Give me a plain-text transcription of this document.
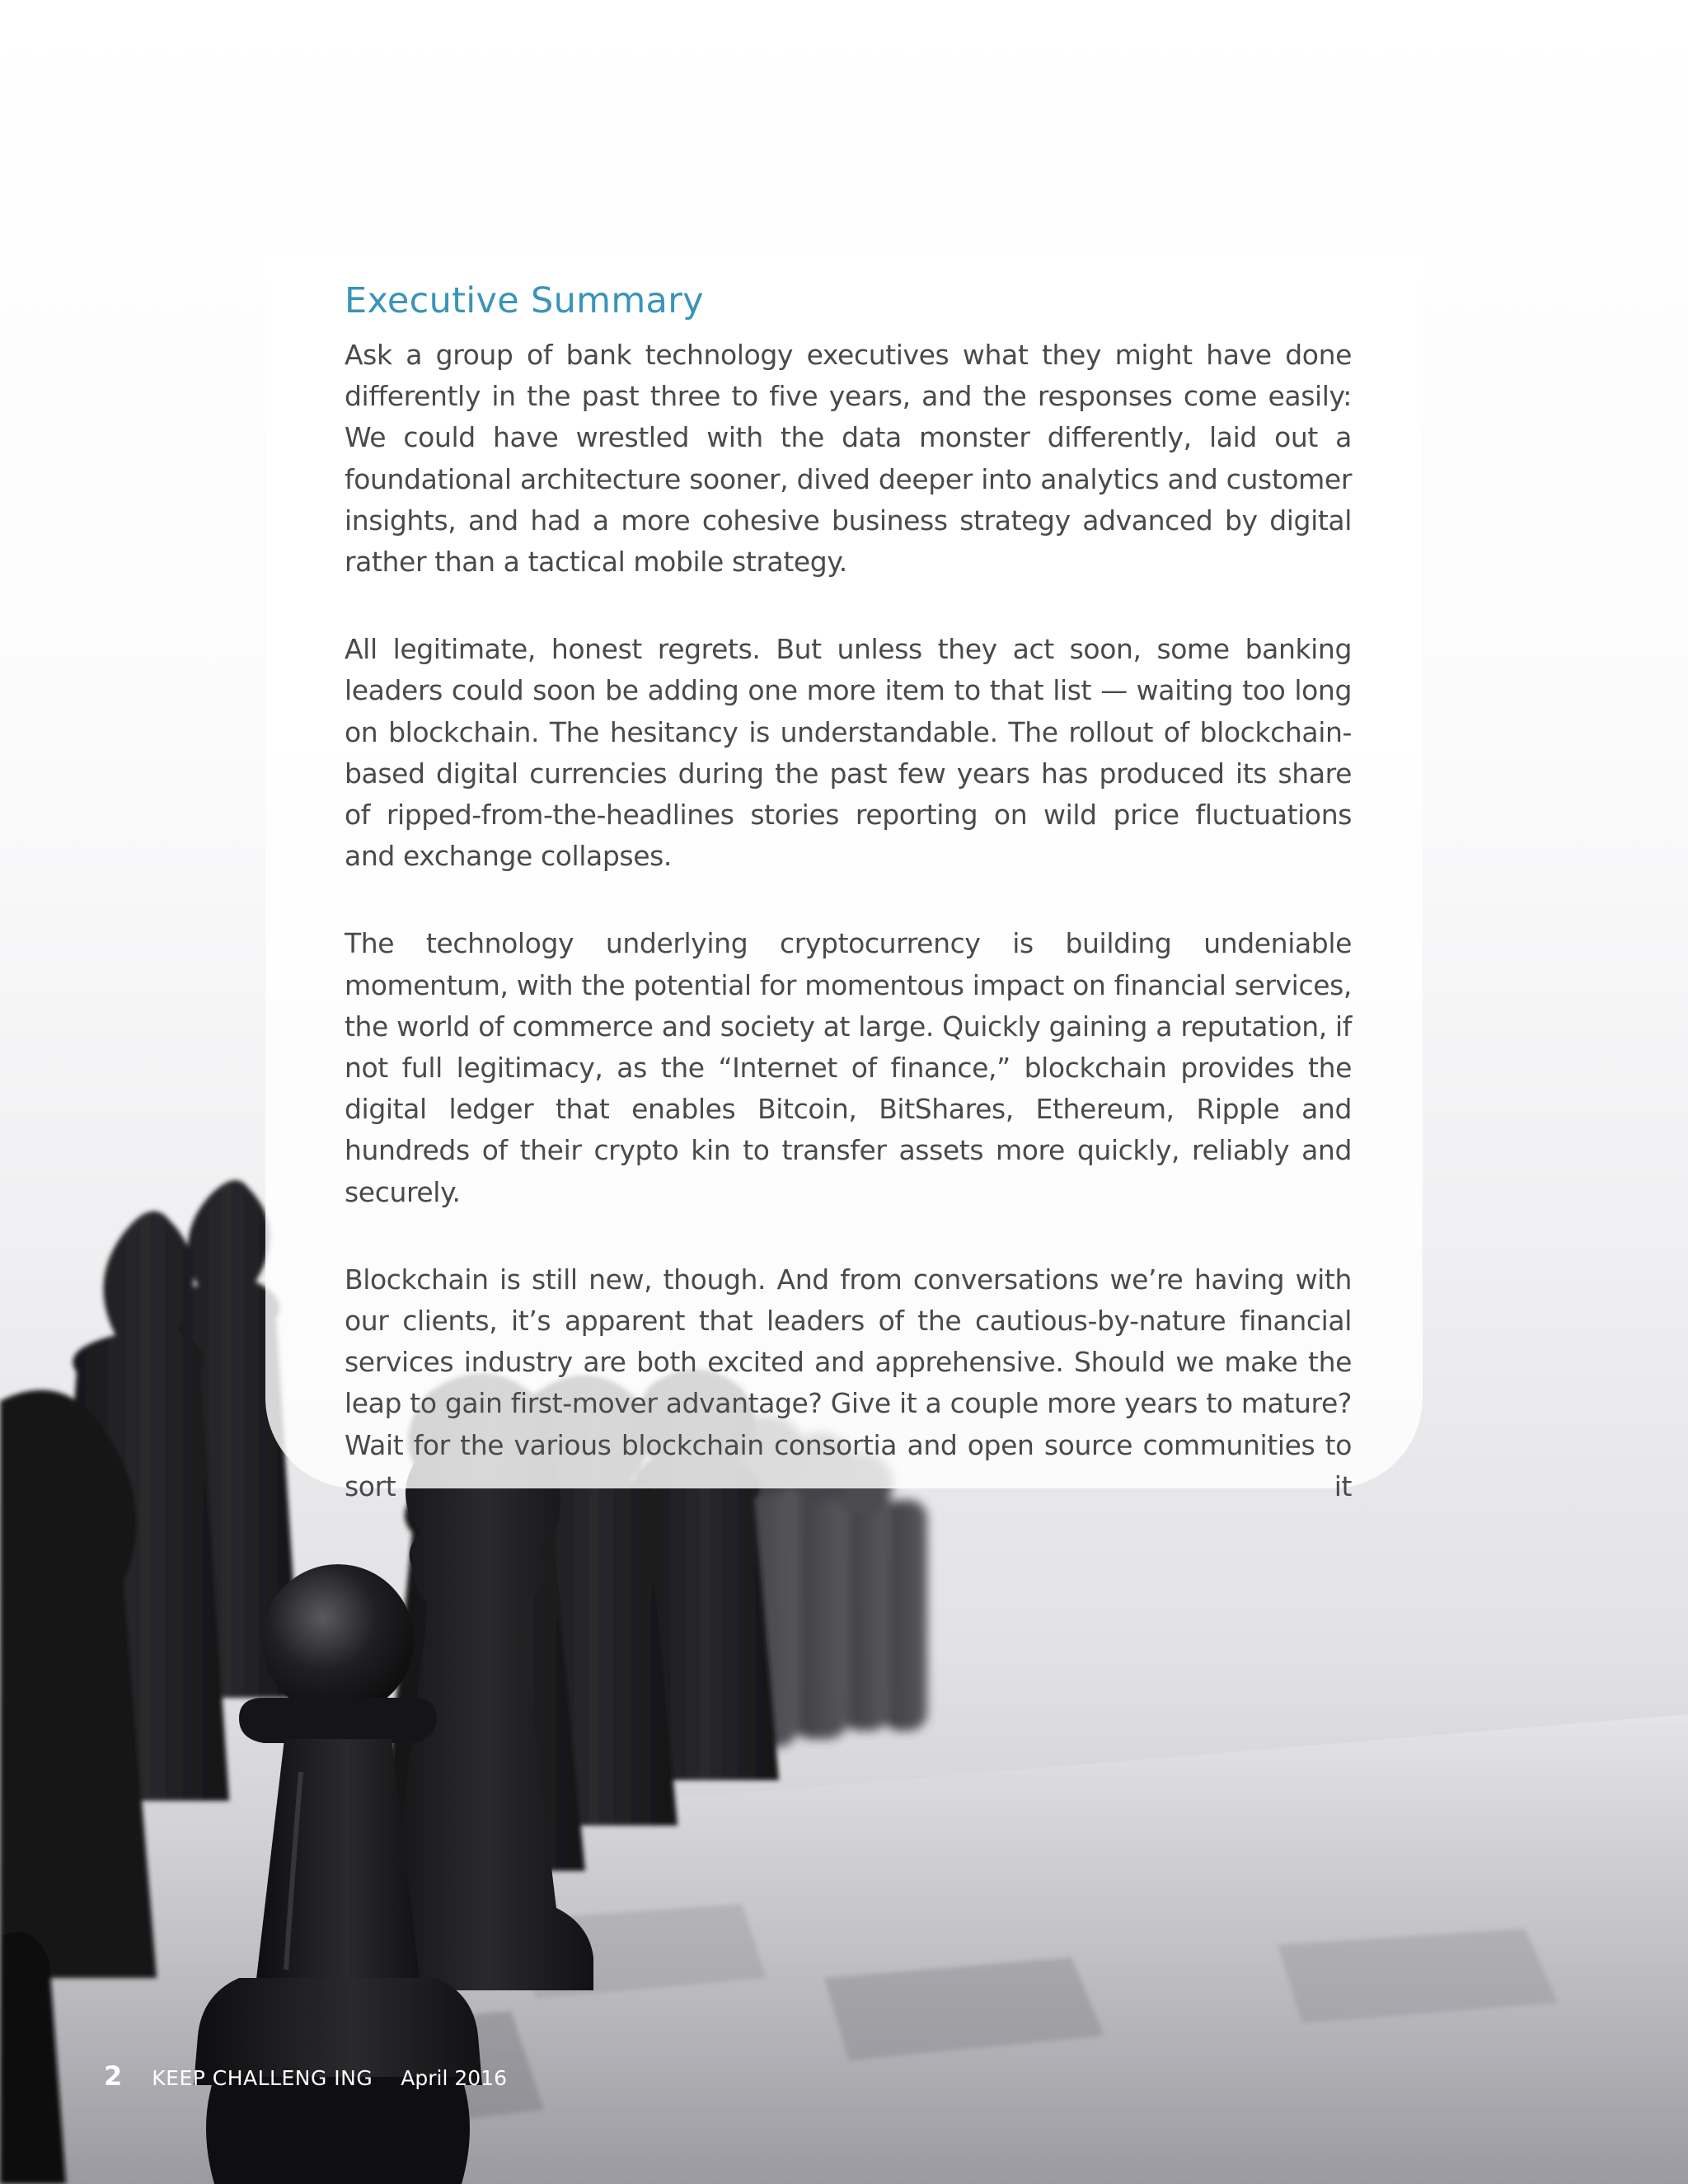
Executive Summary

Ask a group of bank technology executives what they might have done differently in the past three to five years, and the responses come easily: We could have wrestled with the data monster differently, laid out a foundational architecture sooner, dived deeper into analytics and customer insights, and had a more cohesive business strategy advanced by digital rather than a tactical mobile strategy.

All legitimate, honest regrets. But unless they act soon, some banking leaders could soon be adding one more item to that list — waiting too long on blockchain. The hesitancy is understandable. The rollout of blockchain-based digital currencies during the past few years has produced its share of ripped-from-the-headlines stories reporting on wild price fluctuations and exchange collapses.

The technology underlying cryptocurrency is building undeniable momentum, with the potential for momentous impact on financial services, the world of commerce and society at large. Quickly gaining a reputation, if not full legitimacy, as the “Internet of finance,” blockchain provides the digital ledger that enables Bitcoin, BitShares, Ethereum, Ripple and hundreds of their crypto kin to transfer assets more quickly, reliably and securely.

Blockchain is still new, though. And from conversations we’re having with our clients, it’s apparent that leaders of the cautious-by-nature financial services industry are both excited and apprehensive. Should we make the leap to gain first-mover advantage? Give it a couple more years to mature? Wait for the various blockchain consortia and open source communities to sort it

2 KEEP CHALLENG ING April 2016
